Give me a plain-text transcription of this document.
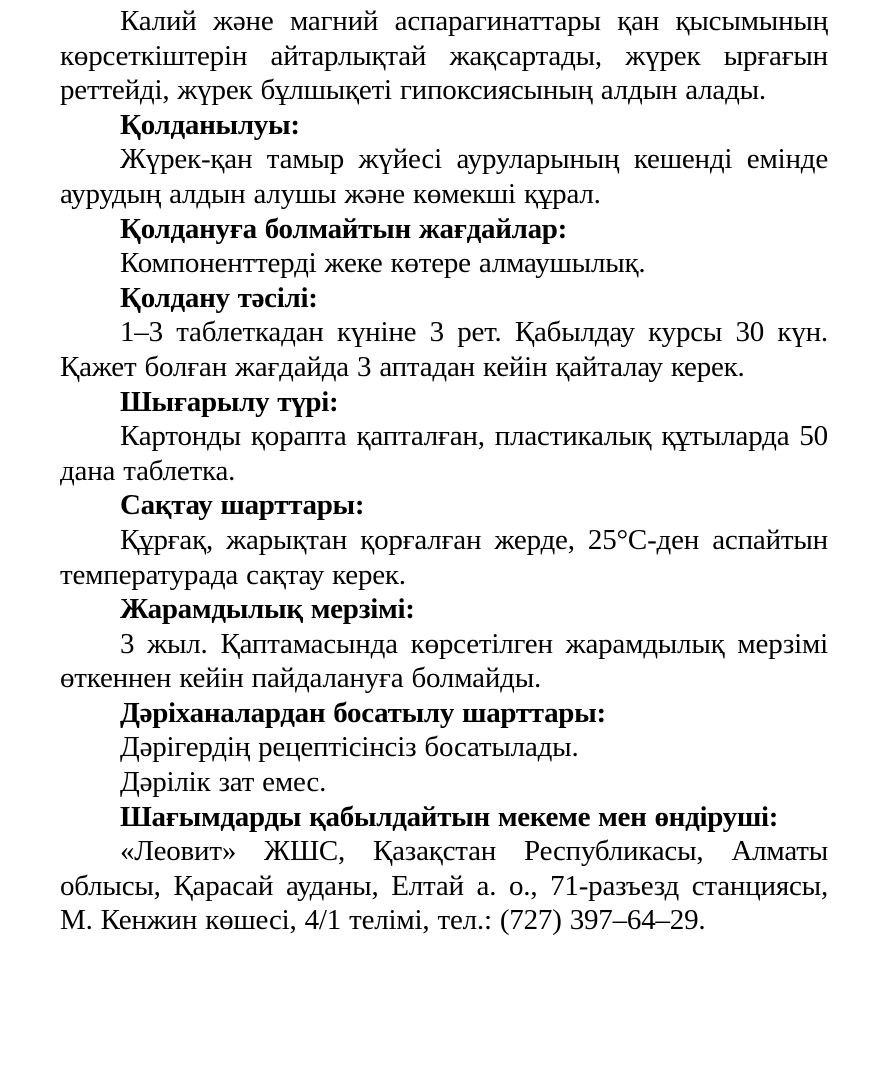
Калий және магний аспарагинаттары қан қысымының көрсеткіштерін айтарлықтай жақсартады, жүрек ырғағын реттейді, жүрек бұлшықеті гипоксиясының алдын алады.

Қолданылуы:

Жүрек-қан тамыр жүйесі ауруларының кешенді емінде аурудың алдын алушы және көмекші құрал.

Қолдануға болмайтын жағдайлар:

Компоненттерді жеке көтере алмаушылық.

Қолдану тәсілі:

1–3 таблеткадан күніне 3 рет. Қабылдау курсы 30 күн. Қажет болған жағдайда 3 аптадан кейін қайталау керек.

Шығарылу түрі:

Картонды қорапта қапталған, пластикалық құтыларда 50 дана таблетка.

Сақтау шарттары:

Құрғақ, жарықтан қорғалған жерде, 25°С-ден аспайтын температурада сақтау керек.

Жарамдылық мерзімі:

3 жыл. Қаптамасында көрсетілген жарамдылық мерзімі өткеннен кейін пайдалануға болмайды.

Дәріханалардан босатылу шарттары:

Дәрігердің рецептісінсіз босатылады.

Дәрілік зат емес.

Шағымдарды қабылдайтын мекеме мен өндіруші:

«Леовит» ЖШС, Қазақстан Республикасы, Алматы облысы, Қарасай ауданы, Елтай а. о., 71-разъезд станциясы, М. Кенжин көшесі, 4/1 телімі, тел.: (727) 397–64–29.
